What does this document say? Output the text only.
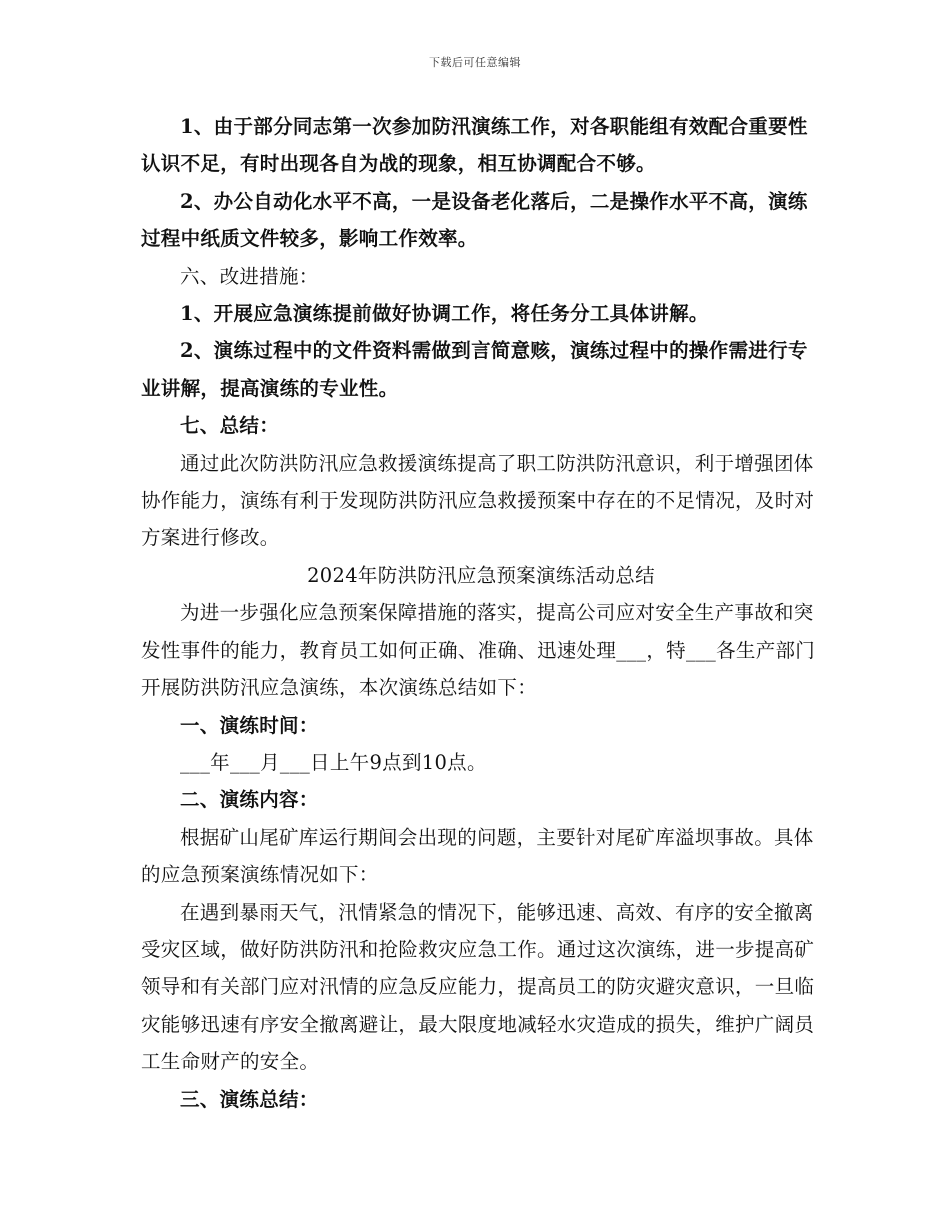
下载后可任意编辑

1、由于部分同志第一次参加防汛演练工作，对各职能组有效配合重要性认识不足，有时出现各自为战的现象，相互协调配合不够。

2、办公自动化水平不高，一是设备老化落后，二是操作水平不高，演练过程中纸质文件较多，影响工作效率。

六、改进措施：

1、开展应急演练提前做好协调工作，将任务分工具体讲解。

2、演练过程中的文件资料需做到言简意赅，演练过程中的操作需进行专业讲解，提高演练的专业性。

七、总结：

通过此次防洪防汛应急救援演练提高了职工防洪防汛意识，利于增强团体协作能力，演练有利于发现防洪防汛应急救援预案中存在的不足情况，及时对方案进行修改。

2024年防洪防汛应急预案演练活动总结

为进一步强化应急预案保障措施的落实，提高公司应对安全生产事故和突发性事件的能力，教育员工如何正确、准确、迅速处理___，特___各生产部门开展防洪防汛应急演练，本次演练总结如下：

一、演练时间：

___年___月___日上午9点到10点。

二、演练内容：

根据矿山尾矿库运行期间会出现的问题，主要针对尾矿库溢坝事故。具体的应急预案演练情况如下：

在遇到暴雨天气，汛情紧急的情况下，能够迅速、高效、有序的安全撤离受灾区域，做好防洪防汛和抢险救灾应急工作。通过这次演练，进一步提高矿领导和有关部门应对汛情的应急反应能力，提高员工的防灾避灾意识，一旦临灾能够迅速有序安全撤离避让，最大限度地减轻水灾造成的损失，维护广阔员工生命财产的安全。

三、演练总结：
